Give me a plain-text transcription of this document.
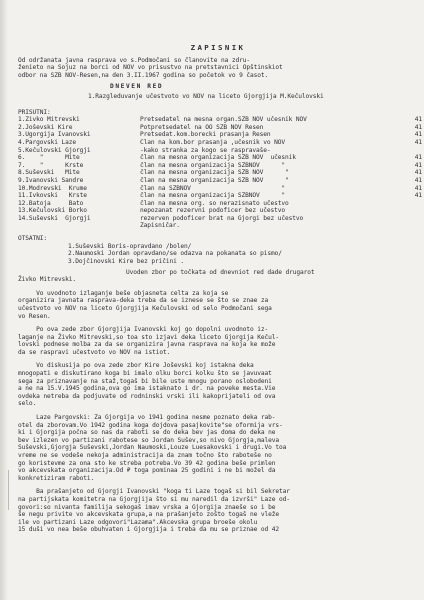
ZAPISNIK

Od održanata javna rasprava vo s.Podmočani so članovite na zdru-

ženieto na Sojuz na borci od NOV vo prisustvo na pretstavnici Opštinskiot

odbor na SZB NOV-Resen,na den 3.II.1967 godina so početok vo 9 časot.

DNEVEN RED
1.Razgleduvanje učestvoto vo NOV na liceto Gjorgjija M.Kečulovski
PRISUTNI:
1.Živko Mitrevski
2.Joševski Kire
3.Ugorgija Ivanovski
4.Pargovski Laze
5.Kečulovski Gjorgji
6.    "      Mite
7.    "      Krste
8.Suševski   Mite
9.Ivanovski Sandre
10.Modrevski  Krume
11.Ivkovski   Krste
12.Batoja     Bato
13.Kečulovski Borko
14.Suševski  Gjorgji
Pretsedatel na mesna organ.SZB NOV učesnik NOV
Potpretsedatel na OO SZB NOV Resen
Pretsedat.kom.borecki prasanja Resen
Član na kom.bor prasanja ,učesnik vo NOV
-kako stranka za kogo se raspravaše-
član na mesna organizacija SZB NOV  učesnik
član na mesna organizacija SZBNOV      "
član na mesna organizacija SZB NOV      "
član na mesna organizacija SZB NOV      "
član na SZBNOV                         "
član na mesna organizacija SZBNOV      "
član na mesna org. so nerazisnato učestvo
nepozanat rezervni podoficer bez učestvo
rezerven podoficer brat na Gjorgi bez učestvo
Zapisničar.
41
41
41
41
41
41
41
41
41
41
OTSATNI:
1.Suševski Boris-opravdano /bolen/
2.Naumoski Jordan opravdano/se odazva na pokanata so pismo/
3.Dojčinovski Kire bez pričini .
Uvoden zbor po točkata od dnevniot red dade drugarot
Živko Mitrevski.

Vo uvodnoto izlaganje beše objasneta celta za koja se

organizira javnata rasprava-deka treba da se iznese se što se znae za

učestvoto vo NOV na liceto Gjorgjija Kečulovski od selo Podmočani sega

vo Resen.

Po ova zede zbor Gjorgjija Ivanovski koj go dopolni uvodnoto iz-

laganje na Živko Mitrevski,so toa sto izjavi deka liceto Gjorgija Kečul-

lovski podnese molba za da se organizira javna rasprava na koja ke može

da se raspravi učestvoto vo NOV na istiot.

Vo diskusija po ova zede zbor Kire Joševski koj istakna deka

mnogopati e diskutirano koga bi imalo olku borci kolku što se javuvaat

sega za priznavanje na staž,togaš bi bile uste mnogu porano oslobodeni

a ne na 15.V.1945 godina,ova go ima istaknato i dr. na poveke mesta.Vie

ovdeka netreba da podjuvate od rodninski vrski ili kakoprijateli od ova

selo.

Laze Pargovski: Za Gjorgija vo 1941 godina nesme poznato deka rab-

otel da zborovam.Vo 1942 godina koga dojdova pasajkovite"se oformija vrs-

ki i Gjorgija počna so nas da raboti se do deka bev jas doma do deka ne

bev izlezen vo partizani rabotese so Jordan Sušev,so nivo Gjorgja,maleva

Suševski,Gjorgja Suševski,Jordan Naumoski,Louze Luesakovski i drugi.Vo toa

vreme ne se vodeše nekoja administracija da znam točno što raboteše no

go koristevme za ona sto ke streba potreba.Vo 39 42 godina beše primlen

vo akcevskata organizacija.Od ₽ toga pominaa 25 godini i ne bi možel da

konkretiziram raboti.

Ba prašanjeto od Gjorgji Ivanovski "koga ti Laze togaš si bil Sekretar

na partijskata komitetra na Gjorgjija što si mu naredil da izvrši" Laze od-

govori:so nivanta familija sekogaš imav vrska a Gjorgija znaeše so i be

še negu privite vo akcevskata grupa,a na prašanjeto zošto togaš ne vleže

ile vo partizani Laze odgovori"Lazama".Akcevska grupa broeše okolu

15 duši vo nea beše obuhvaten i Gjorgjija i treba da mu se priznae od 42
